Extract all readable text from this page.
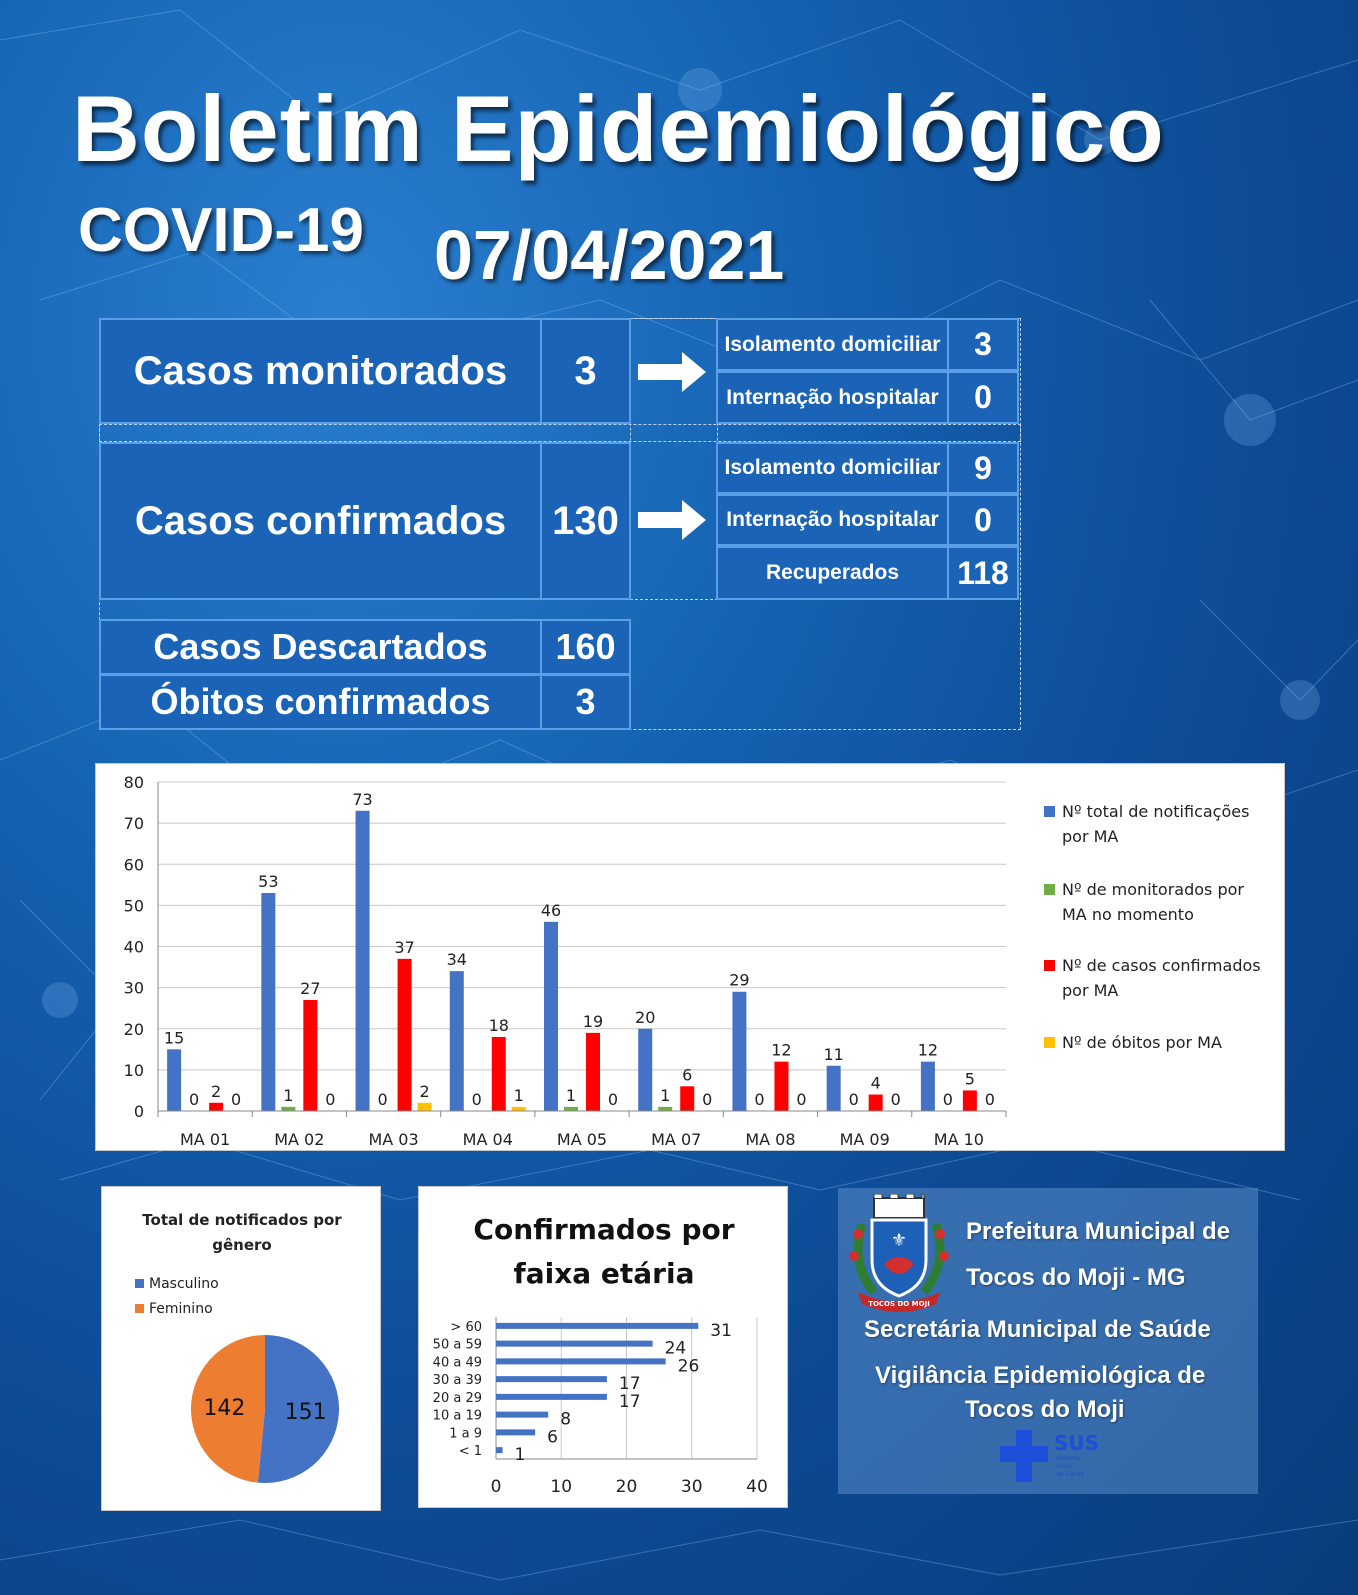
Boletim Epidemiológico
COVID-19 07/04/2021
Casos monitorados	3
Isolamento domiciliar	3
Internação hospitalar	0
Casos confirmados	130
Isolamento domiciliar	9
Internação hospitalar	0
Recuperados	118
Casos Descartados	160
Óbitos confirmados	3
0
10
20
30
40
50
60
70
80
MA 01
15
0 2 0
MA 02
53
1
27
0
MA 03
73
0
37
2
MA 04
34
0
18
1
MA 05
46
1
19
0
MA 07
20
1
6
0
MA 08
29
0
12
0
MA 09
11
0
4
0
MA 10
12
0
5
0
Nº total de notificações por MA
Nº de monitorados por MA no momento
Nº de casos confirmados por MA
Nº de óbitos por MA
Total de notificados por gênero
Masculino
Feminino
151
142
Confirmados por faixa etária
0	10	20	30	40
> 60	31
50 a 59	24
40 a 49	26
30 a 39	17
20 a 29	17
10 a 19	8
1 a 9	6
< 1 1
⚜
TOCOS DO MOJI
Prefeitura Municipal de
Tocos do Moji - MG
Secretária Municipal de Saúde
Vigilância Epidemiológica de
Tocos do Moji
SUS
Sistema
Único
de Saúde
